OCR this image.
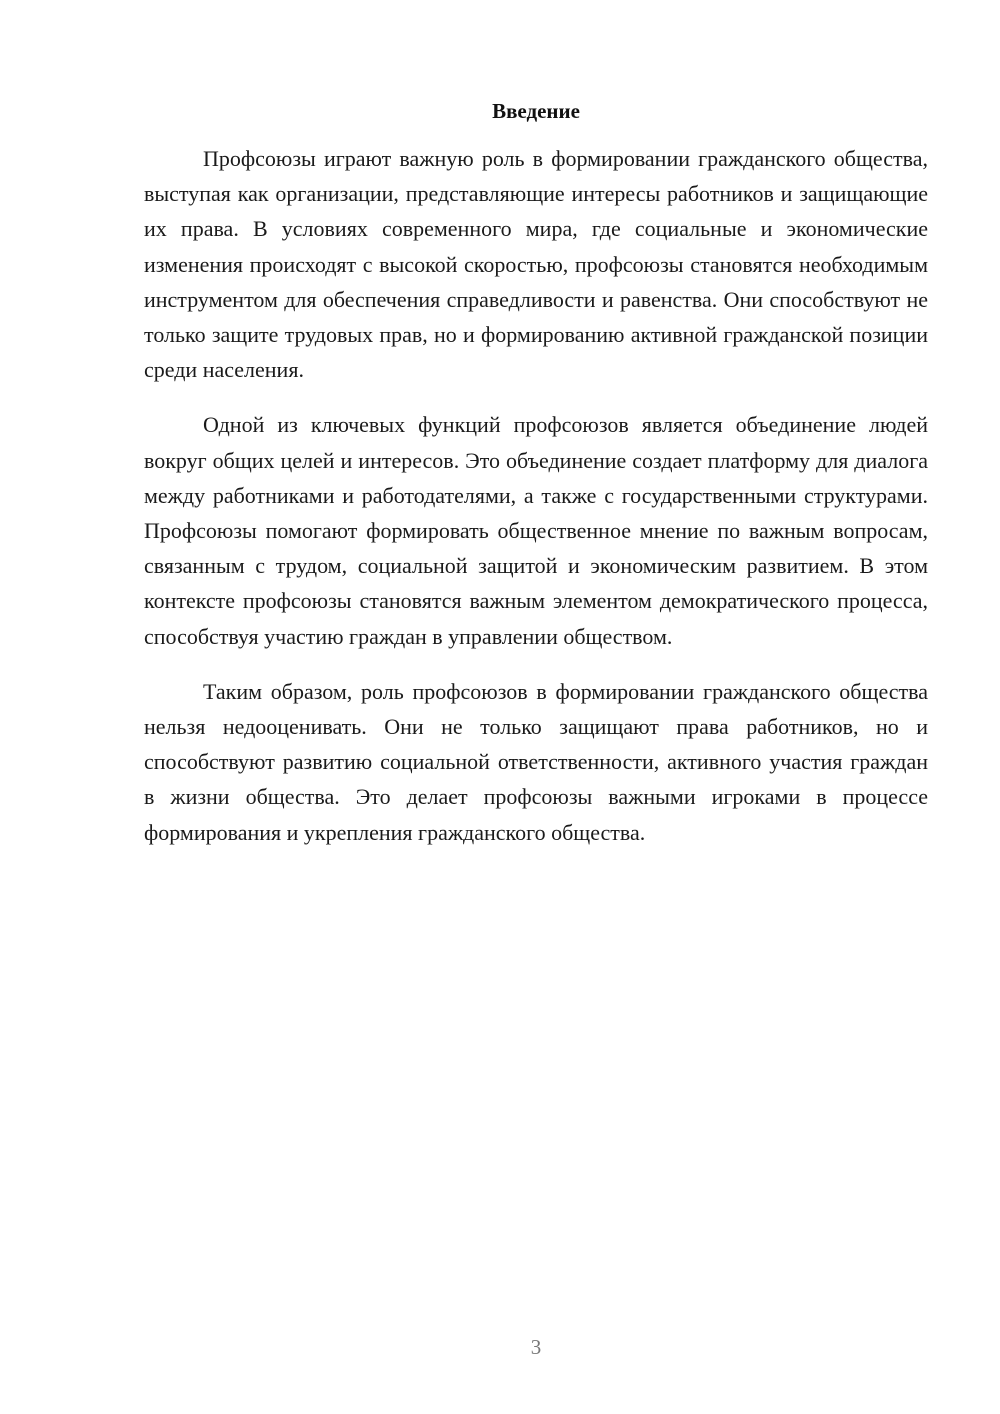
Введение

Профсоюзы играют важную роль в формировании гражданского общества, выступая как организации, представляющие интересы работников и защищающие их права. В условиях современного мира, где социальные и экономические изменения происходят с высокой скоростью, профсоюзы становятся необходимым инструментом для обеспечения справедливости и равенства. Они способствуют не только защите трудовых прав, но и формированию активной гражданской позиции среди населения.

Одной из ключевых функций профсоюзов является объединение людей вокруг общих целей и интересов. Это объединение создает платформу для диалога между работниками и работодателями, а также с государственными структурами. Профсоюзы помогают формировать общественное мнение по важным вопросам, связанным с трудом, социальной защитой и экономическим развитием. В этом контексте профсоюзы становятся важным элементом демократического процесса, способствуя участию граждан в управлении обществом.

Таким образом, роль профсоюзов в формировании гражданского общества нельзя недооценивать. Они не только защищают права работников, но и способствуют развитию социальной ответственности, активного участия граждан в жизни общества. Это делает профсоюзы важными игроками в процессе формирования и укрепления гражданского общества.

3
